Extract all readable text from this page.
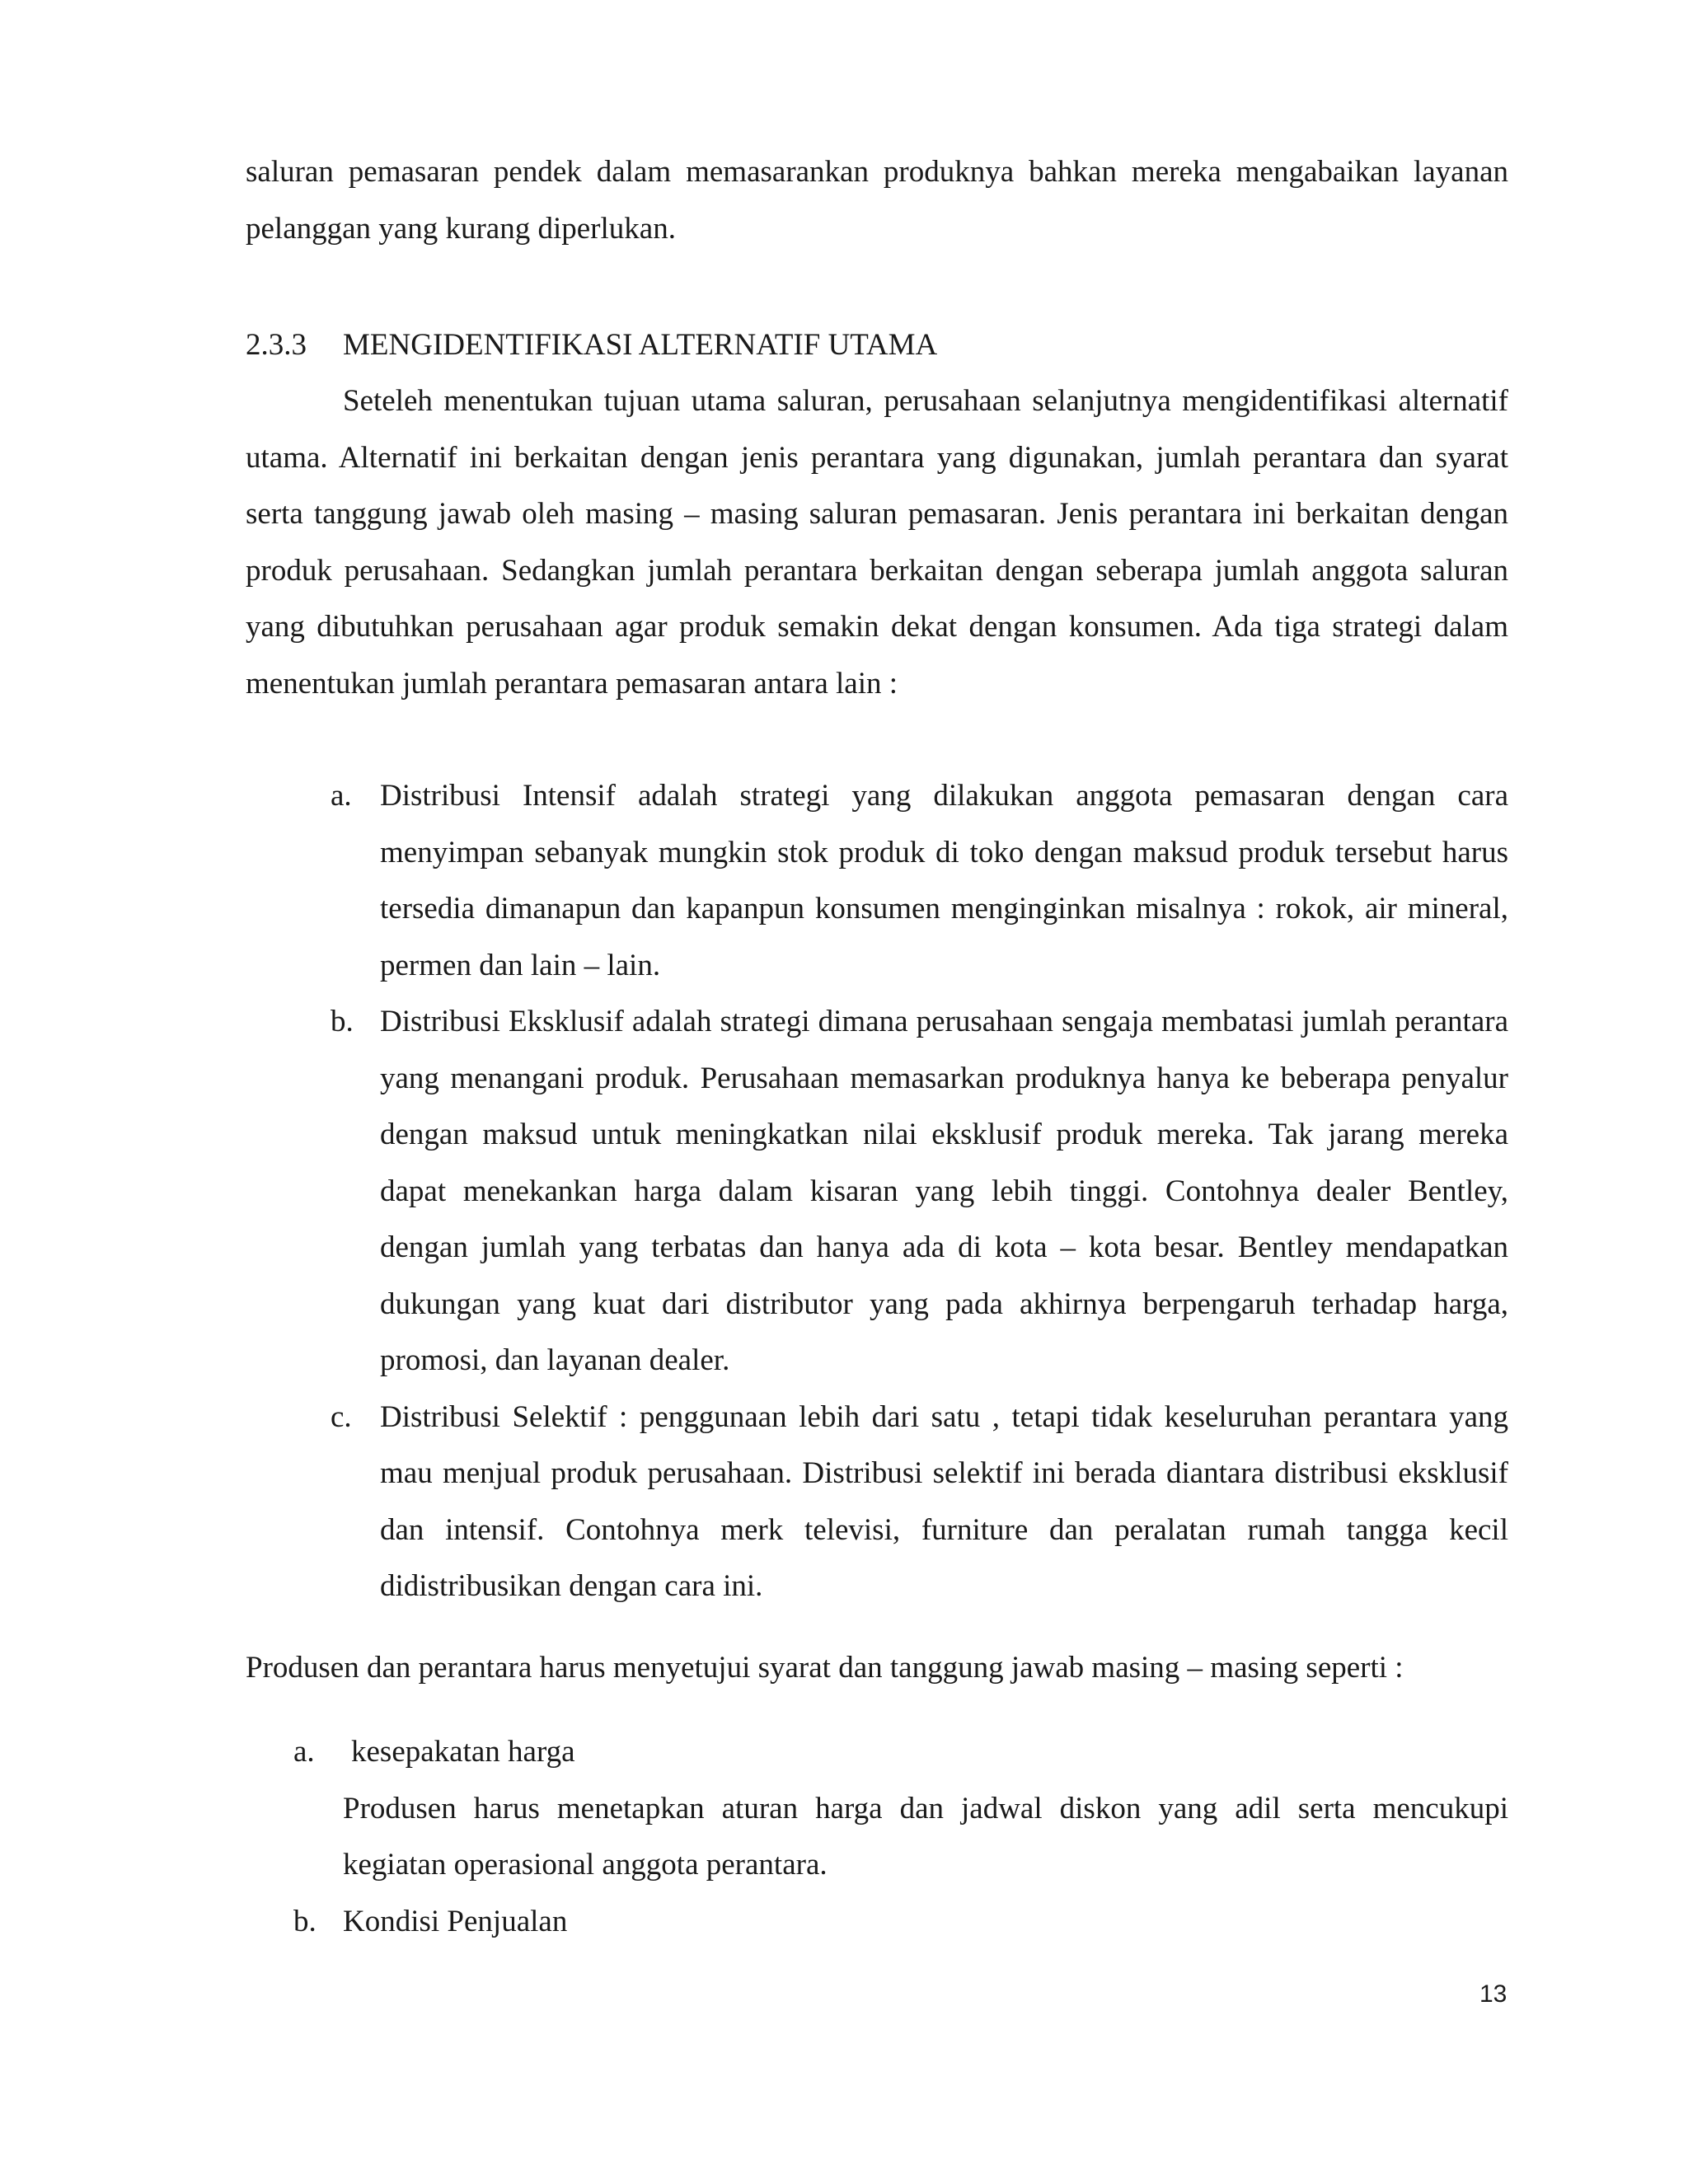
saluran pemasaran pendek dalam memasarankan produknya bahkan mereka mengabaikan layanan pelanggan yang kurang diperlukan.

2.3.3 MENGIDENTIFIKASI ALTERNATIF UTAMA

Seteleh menentukan tujuan utama saluran, perusahaan selanjutnya mengidentifikasi alternatif utama. Alternatif ini berkaitan dengan jenis perantara yang digunakan, jumlah perantara dan syarat serta tanggung jawab oleh masing – masing saluran pemasaran. Jenis perantara ini berkaitan dengan produk perusahaan. Sedangkan jumlah perantara berkaitan dengan seberapa jumlah anggota saluran yang dibutuhkan perusahaan agar produk semakin dekat dengan konsumen. Ada tiga strategi dalam menentukan jumlah perantara pemasaran antara lain :

a. Distribusi Intensif adalah strategi yang dilakukan anggota pemasaran dengan cara menyimpan sebanyak mungkin stok produk di toko dengan maksud produk tersebut harus tersedia dimanapun dan kapanpun konsumen menginginkan misalnya : rokok, air mineral, permen dan lain – lain.
b. Distribusi Eksklusif adalah strategi dimana perusahaan sengaja membatasi jumlah perantara yang menangani produk. Perusahaan memasarkan produknya hanya ke beberapa penyalur dengan maksud untuk meningkatkan nilai eksklusif produk mereka. Tak jarang mereka dapat menekankan harga dalam kisaran yang lebih tinggi. Contohnya dealer Bentley, dengan jumlah yang terbatas dan hanya ada di kota – kota besar. Bentley mendapatkan dukungan yang kuat dari distributor yang pada akhirnya berpengaruh terhadap harga, promosi, dan layanan dealer.
c. Distribusi Selektif : penggunaan lebih dari satu , tetapi tidak keseluruhan perantara yang mau menjual produk perusahaan. Distribusi selektif ini berada diantara distribusi eksklusif dan intensif. Contohnya merk televisi, furniture dan peralatan rumah tangga kecil didistribusikan dengan cara ini.

Produsen dan perantara harus menyetujui syarat dan tanggung jawab masing – masing seperti :

a. kesepakatan harga
Produsen harus menetapkan aturan harga dan jadwal diskon yang adil serta mencukupi kegiatan operasional anggota perantara.
b. Kondisi Penjualan
13
